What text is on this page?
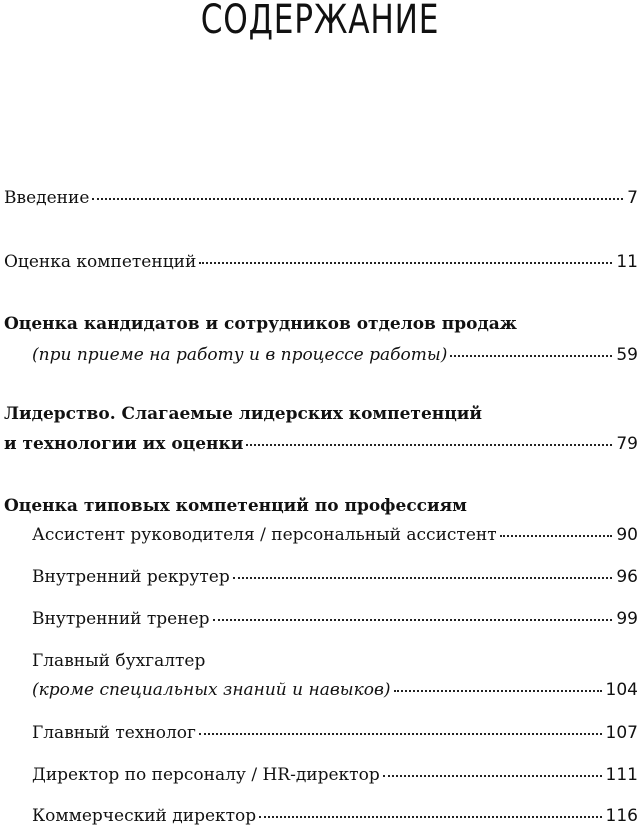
СОДЕРЖАНИЕ
Введение	7
Оценка компетенций	11
Оценка кандидатов и сотрудников отделов продаж
(при приеме на работу и в процессе работы)	59
Лидерство. Слагаемые лидерских компетенций
и технологии их оценки	79
Оценка типовых компетенций по профессиям
Ассистент руководителя / персональный ассистент	90
Внутренний рекрутер	96
Внутренний тренер	99
Главный бухгалтер
(кроме специальных знаний и навыков)	104
Главный технолог	107
Директор по персоналу / HR-директор	111
Коммерческий директор	116
